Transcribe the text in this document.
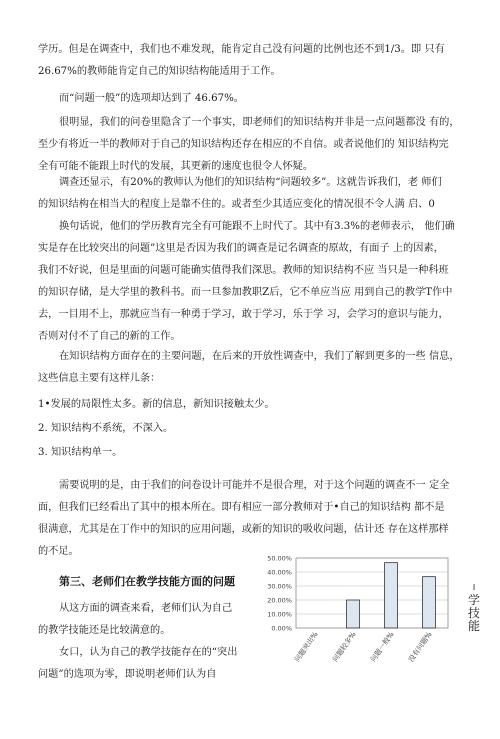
学历。但是在调查中，我们也不难发现，能肯定自己没有问题的比例也还不到1/3。即 只有
26.67%的教师能肯定自己的知识结构能适用于工作。
而“问题一般”的选项却达到了 46.67%。
很明显，我们的问卷里隐含了一个事实，即老师们的知识结构并非是一点问题都没 有的，
至少有将近一半的教师对于自己的知识结构还存在相应的不自信。或者说他们的 知识结构完
全有可能不能跟上时代的发展，其更新的速度也很令人怀疑。
调查还显示，有20%的教师认为他们的知识结构“问题较多”。这就告诉我们，老 师们
的知识结构在相当大的程度上是靠不住的。或者至少其适应变化的情况很不令人满 启、0
换句话说，他们的学历教育完全有可能跟不上时代了。其中有3.3%的老师表示， 他们确
实是存在比较突出的问题”这里是否因为我们的调查是记名调查的原故，有面子 上的因素，
我们不好说，但是里面的问题可能确实值得我们深思。教师的知识结构不应 当只是一种科班
的知识存储，是大学里的教科书。而一旦参加教职Z后，它不单应当应 用到自己的教学T作中
去，一目用不上，那就应当有一种勇于学习，敢于学习，乐于学 习，会学习的意识与能力，
否则对付不了自己的新的工作。
在知识结构方面存在的主要问题，在后来的开放性调查中，我们了解到更多的一些 信息，
这些信息主要有这样儿条：
1•发展的局限性太多。新的信息，新知识接触太少。
2. 知识结构不系统，不深入。
3. 知识结构单一。
需要说明的是，由于我们的问卷设计可能并不是很合理，对于这个问题的调查不一 定全
面，但我们已经看出了其中的根本所在。即有相应一部分教师对于•自己的知识结构 都不是
很满意，尤其是在丁作中的知识的应用问题，或新的知识的吸收问题，估计还 存在这样那样
的不足。
第三、老师们在教学技能方面的问题
从这方面的调查来看，老师们认为自己
的教学技能还是比较满意的。
女口，认为自己的教学技能存在的“突出
问题”的选项为零，即说明老师们认为自
50.00%
40.00%
30.00%
20.00%
10.00%
0.00%
问题突出% 问题较多% 问题一般% 没有问题%
I
学
技
能
